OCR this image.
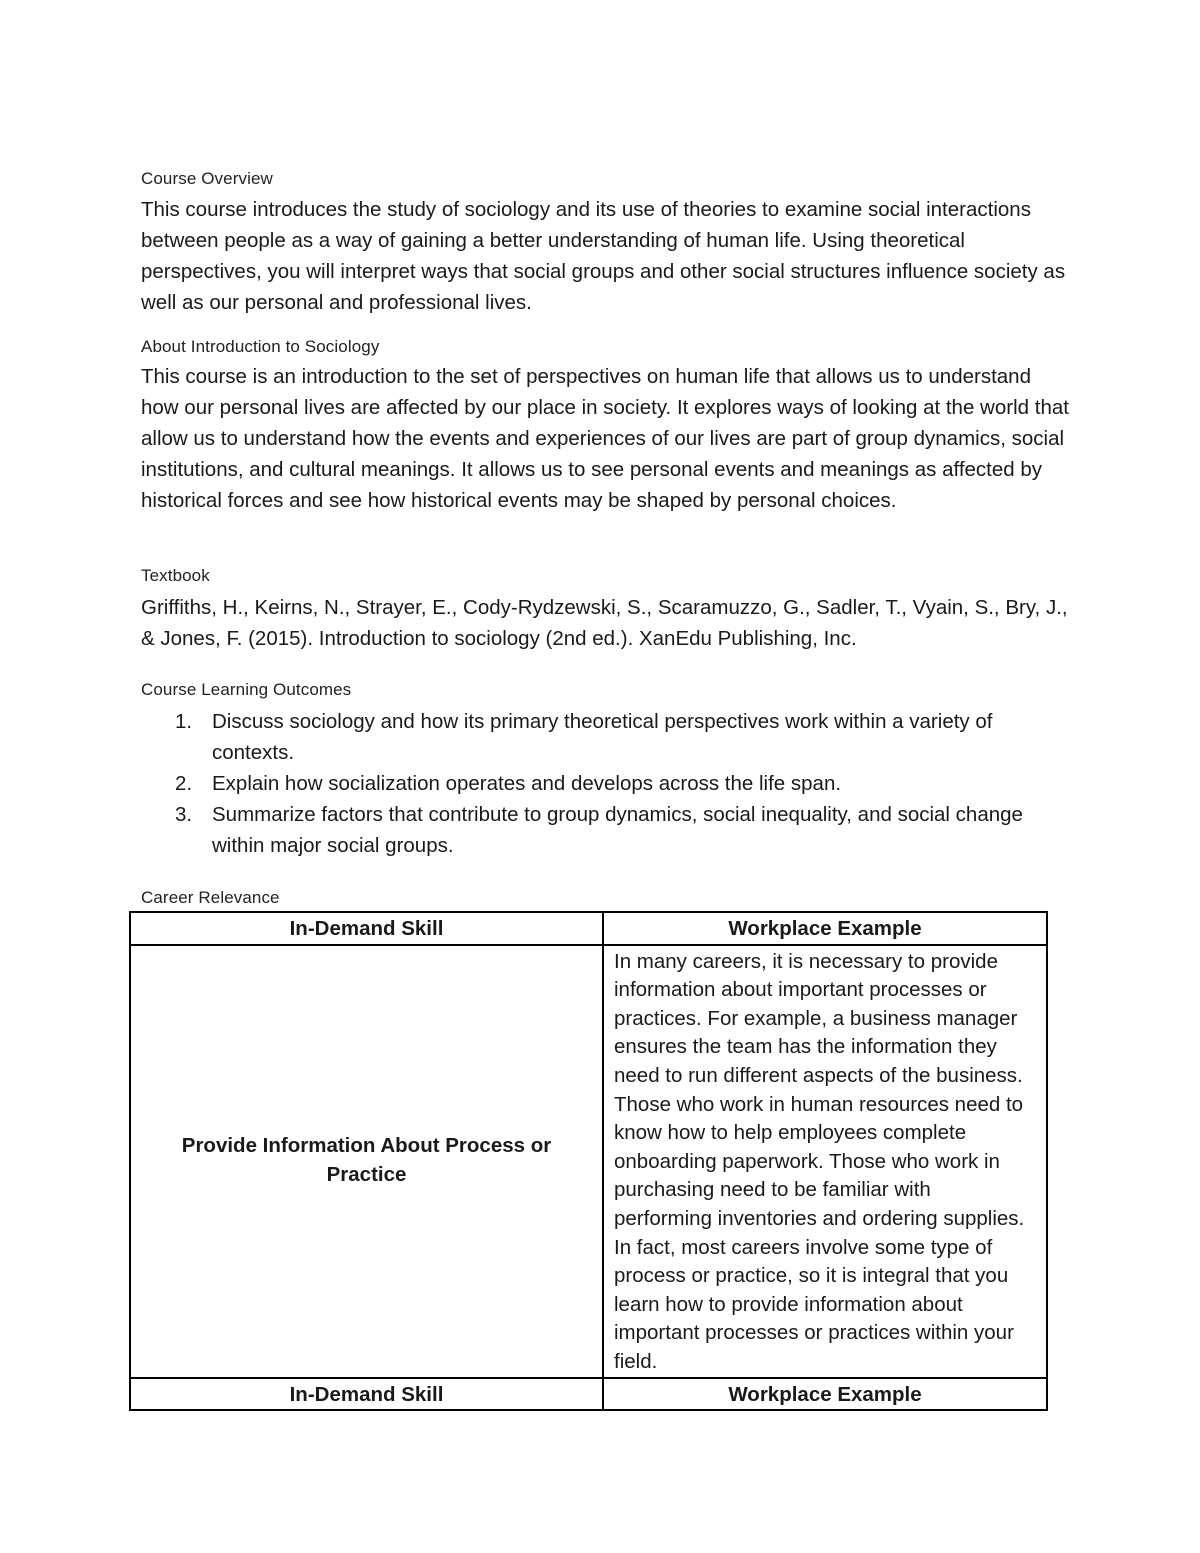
Course Overview

This course introduces the study of sociology and its use of theories to examine social interactions between people as a way of gaining a better understanding of human life. Using theoretical perspectives, you will interpret ways that social groups and other social structures influence society as well as our personal and professional lives.

About Introduction to Sociology

This course is an introduction to the set of perspectives on human life that allows us to understand how our personal lives are affected by our place in society. It explores ways of looking at the world that allow us to understand how the events and experiences of our lives are part of group dynamics, social institutions, and cultural meanings. It allows us to see personal events and meanings as affected by historical forces and see how historical events may be shaped by personal choices.

Textbook

Griffiths, H., Keirns, N., Strayer, E., Cody-Rydzewski, S., Scaramuzzo, G., Sadler, T., Vyain, S., Bry, J., & Jones, F. (2015). Introduction to sociology (2nd ed.). XanEdu Publishing, Inc.

Course Learning Outcomes
1. Discuss sociology and how its primary theoretical perspectives work within a variety of contexts.
2. Explain how socialization operates and develops across the life span.
3. Summarize factors that contribute to group dynamics, social inequality, and social change within major social groups.
Career Relevance
In-Demand Skill	Workplace Example
Provide Information About Process or Practice	In many careers, it is necessary to provide information about important processes or practices. For example, a business manager ensures the team has the information they need to run different aspects of the business. Those who work in human resources need to know how to help employees complete onboarding paperwork. Those who work in purchasing need to be familiar with performing inventories and ordering supplies. In fact, most careers involve some type of process or practice, so it is integral that you learn how to provide information about important processes or practices within your field.
In-Demand Skill	Workplace Example
